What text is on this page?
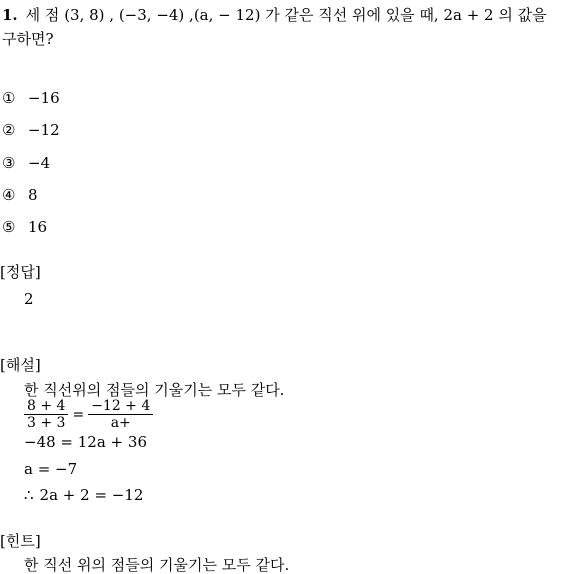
1. 세 점 (3, 8) , (−3, −4) ,(a, − 12) 가 같은 직선 위에 있을 때, 2a + 2 의 값을
구하면?
① −16
② −12
③ −4
④ 8
⑤ 16
[정답]
2
[해설]
한 직선위의 점들의 기울기는 모두 같다.
$\frac{8 + 4}{3 + 3} = \frac{-12 + 4}{a+}$
−48 = 12a + 36
a = −7
∴ 2a + 2 = −12
[힌트]
한 직선 위의 점들의 기울기는 모두 같다.
